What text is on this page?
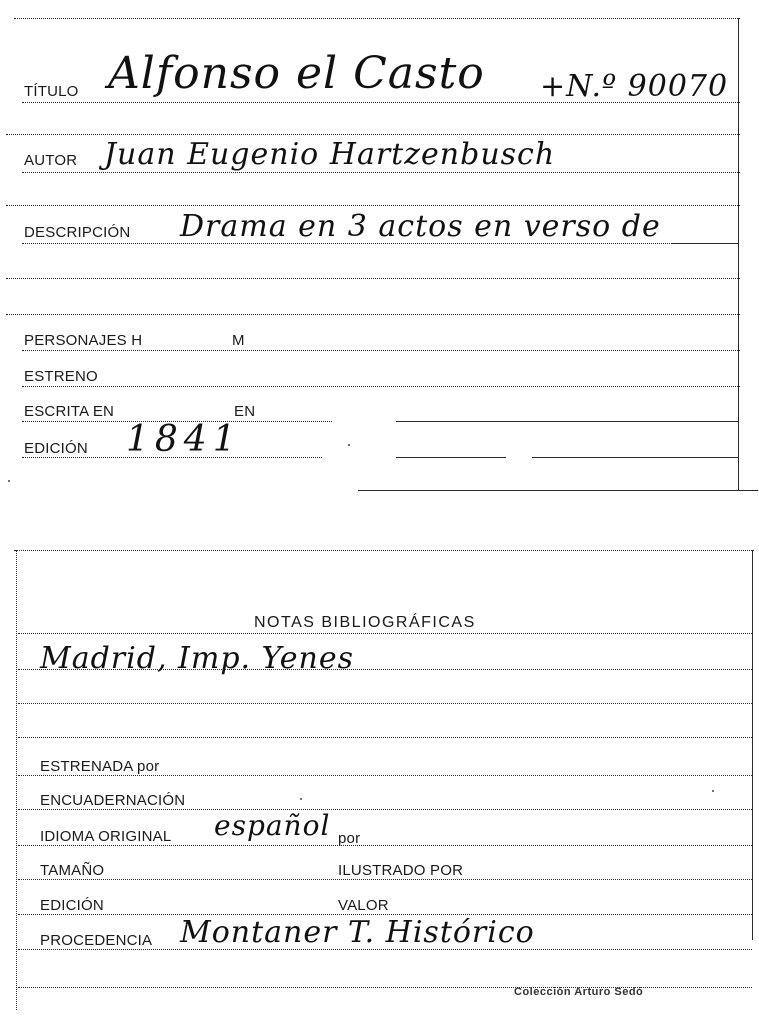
TÍTULO Alfonso el Casto +N.º 90070
AUTOR Juan Eugenio Hartzenbusch
DESCRIPCIÓN Drama en 3 actos en verso de
PERSONAJES H	M
ESTRENO
ESCRITA EN	EN
EDICIÓN 1841
NOTAS BIBLIOGRÁFICAS
Madrid, Imp. Yenes
ESTRENADA por
ENCUADERNACIÓN
IDIOMA ORIGINAL español por
TAMAÑO	ILUSTRADO POR
EDICIÓN	VALOR
PROCEDENCIA Montaner T. Histórico
Colección Arturo Sedó
